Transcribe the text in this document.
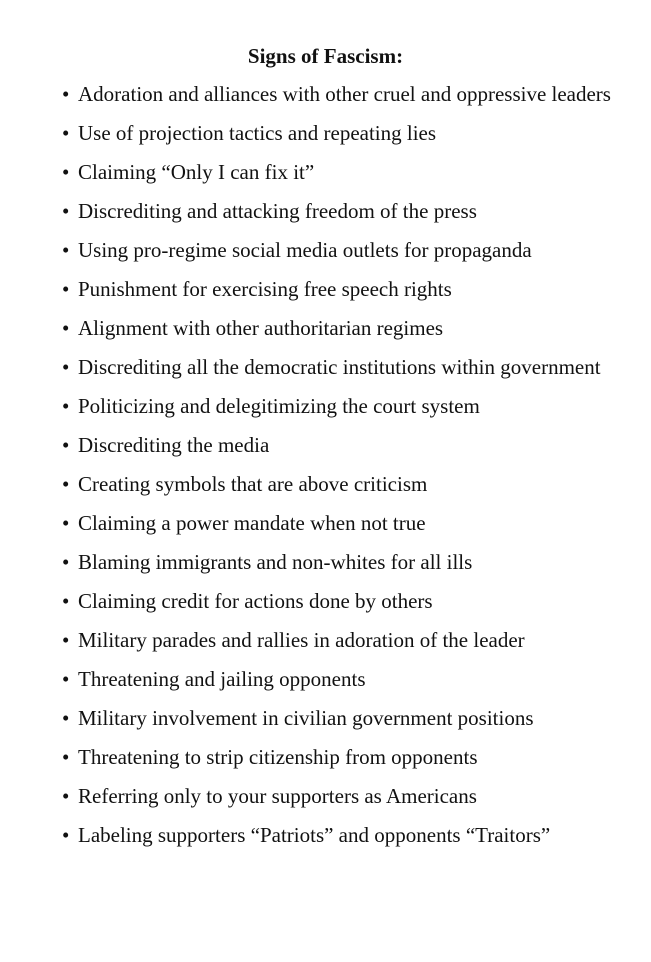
Signs of Fascism:
• Adoration and alliances with other cruel and oppressive leaders
• Use of projection tactics and repeating lies
• Claiming “Only I can fix it”
• Discrediting and attacking freedom of the press
• Using pro-regime social media outlets for propaganda
• Punishment for exercising free speech rights
• Alignment with other authoritarian regimes
• Discrediting all the democratic institutions within government
• Politicizing and delegitimizing the court system
• Discrediting the media
• Creating symbols that are above criticism
• Claiming a power mandate when not true
• Blaming immigrants and non-whites for all ills
• Claiming credit for actions done by others
• Military parades and rallies in adoration of the leader
• Threatening and jailing opponents
• Military involvement in civilian government positions
• Threatening to strip citizenship from opponents
• Referring only to your supporters as Americans
• Labeling supporters “Patriots” and opponents “Traitors”
